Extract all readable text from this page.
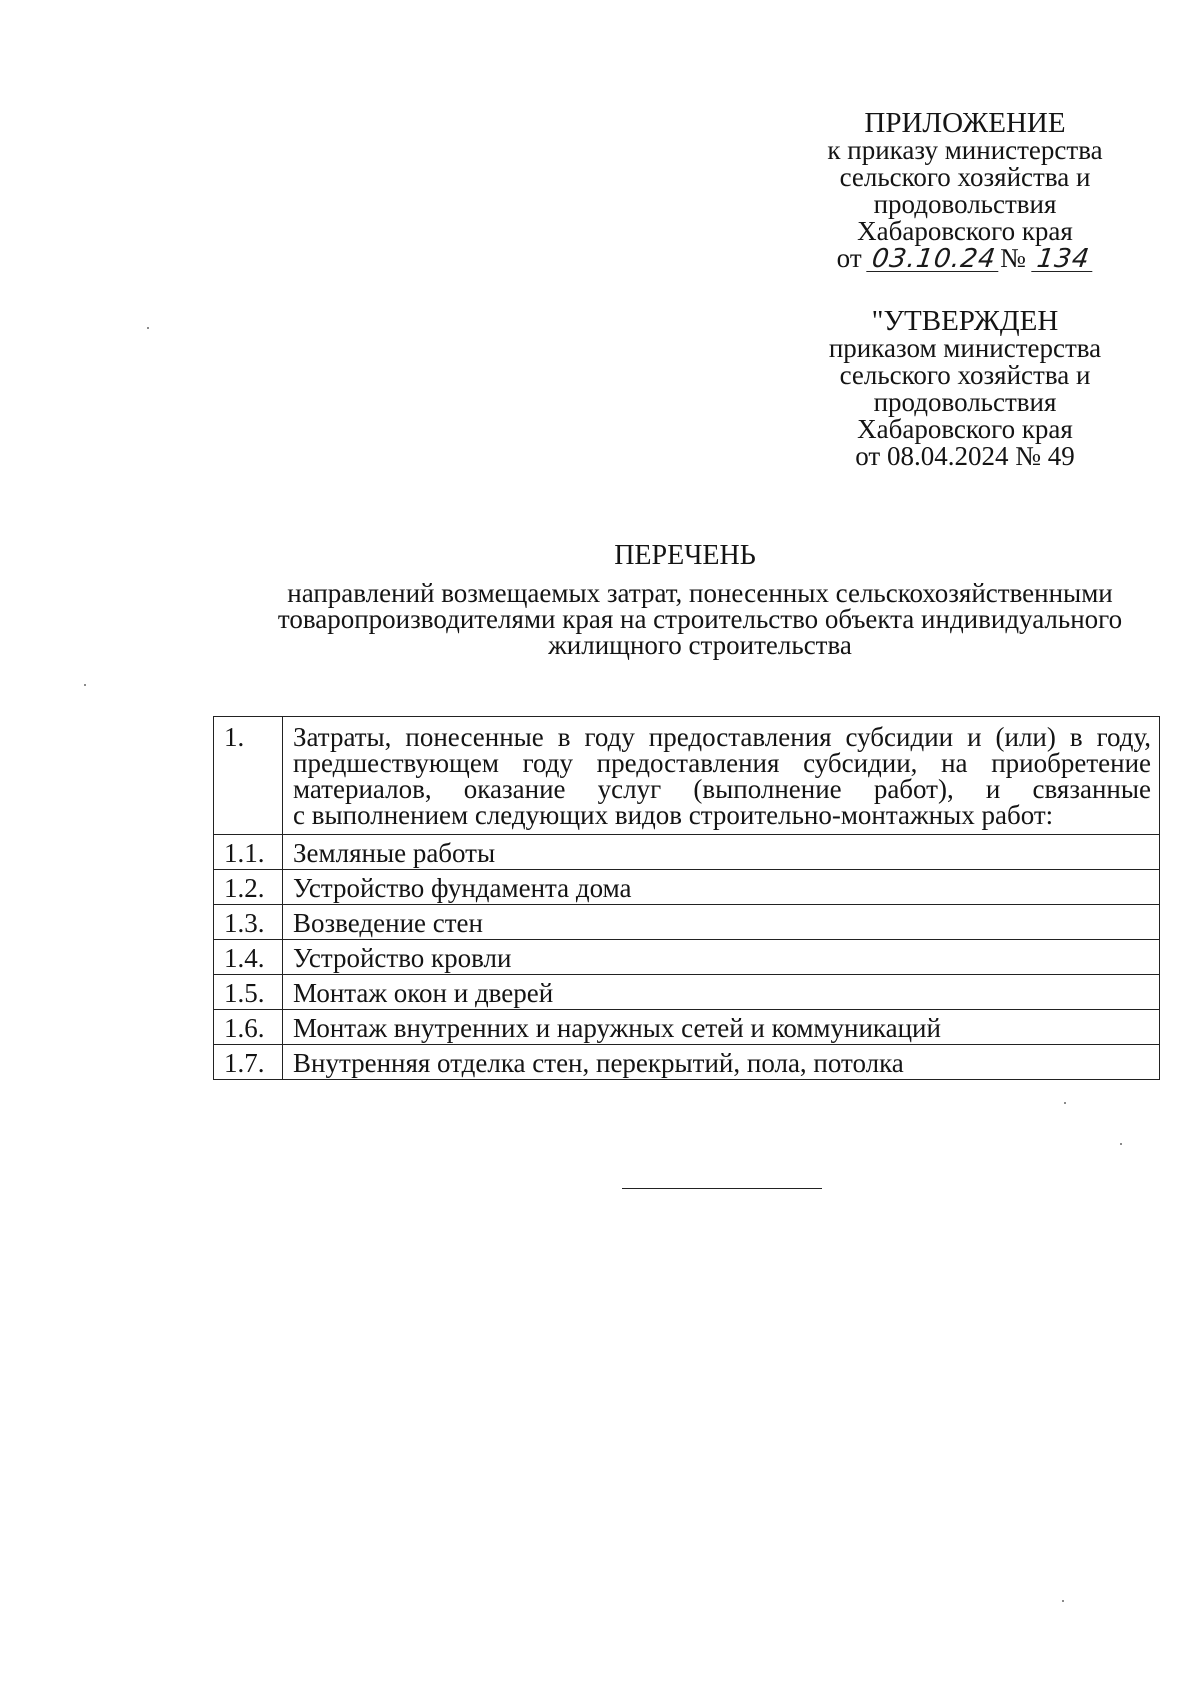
ПРИЛОЖЕНИЕ
к приказу министерства
сельского хозяйства и
продовольствия
Хабаровского края
от 03.10.24№ 134
"УТВЕРЖДЕН
приказом министерства
сельского хозяйства и
продовольствия
Хабаровского края
от 08.04.2024 № 49
ПЕРЕЧЕНЬ
направлений возмещаемых затрат, понесенных сельскохозяйственными
товаропроизводителями края на строительство объекта индивидуального
жилищного строительства
1.	Затраты, понесенные в году предоставления субсидии и (или) в году,
предшествующем году предоставления субсидии, на приобретение
материалов, оказание услуг (выполнение работ), и связанные
с выполнением следующих видов строительно-монтажных работ:

1.1.	Земляные работы
1.2.	Устройство фундамента дома
1.3.	Возведение стен
1.4.	Устройство кровли
1.5.	Монтаж окон и дверей
1.6.	Монтаж внутренних и наружных сетей и коммуникаций
1.7.	Внутренняя отделка стен, перекрытий, пола, потолка
